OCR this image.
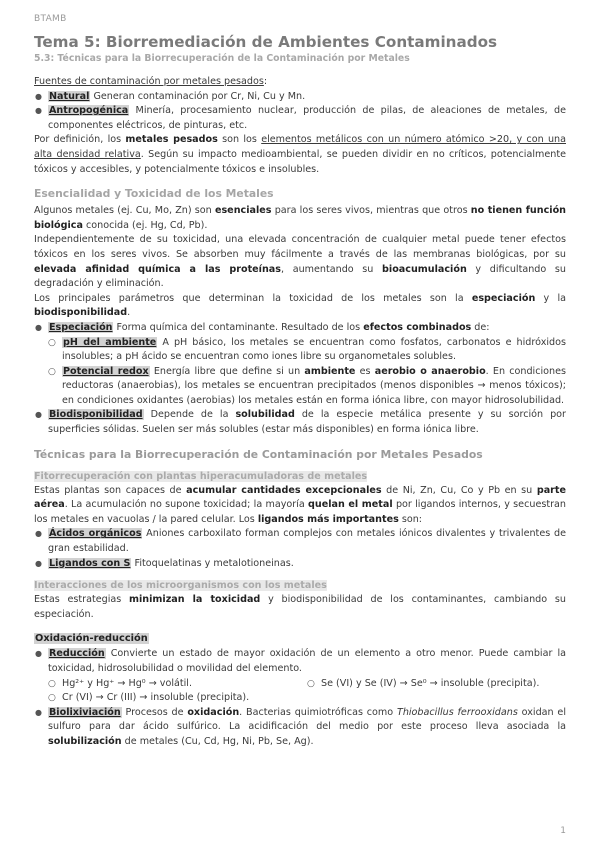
BTAMB
Tema 5: Biorremediación de Ambientes Contaminados
5.3: Técnicas para la Biorrecuperación de la Contaminación por Metales

Fuentes de contaminación por metales pesados:

● Natural Generan contaminación por Cr, Ni, Cu y Mn.
● Antropogénica Minería, procesamiento nuclear, producción de pilas, de aleaciones de metales, de componentes eléctricos, de pinturas, etc.

Por definición, los metales pesados son los elementos metálicos con un número atómico >20, y con una alta densidad relativa. Según su impacto medioambiental, se pueden dividir en no críticos, potencialmente tóxicos y accesibles, y potencialmente tóxicos e insolubles.

Esencialidad y Toxicidad de los Metales

Algunos metales (ej. Cu, Mo, Zn) son esenciales para los seres vivos, mientras que otros no tienen función biológica conocida (ej. Hg, Cd, Pb).

Independientemente de su toxicidad, una elevada concentración de cualquier metal puede tener efectos tóxicos en los seres vivos. Se absorben muy fácilmente a través de las membranas biológicas, por su elevada afinidad química a las proteínas, aumentando su bioacumulación y dificultando su degradación y eliminación.

Los principales parámetros que determinan la toxicidad de los metales son la especiación y la biodisponibilidad.

● Especiación Forma química del contaminante. Resultado de los efectos combinados de:
○ pH del ambiente A pH básico, los metales se encuentran como fosfatos, carbonatos e hidróxidos insolubles; a pH ácido se encuentran como iones libre su organometales solubles.
○ Potencial redox Energía libre que define si un ambiente es aerobio o anaerobio. En condiciones reductoras (anaerobias), los metales se encuentran precipitados (menos disponibles → menos tóxicos); en condiciones oxidantes (aerobias) los metales están en forma iónica libre, con mayor hidrosolubilidad.
● Biodisponibilidad Depende de la solubilidad de la especie metálica presente y su sorción por superficies sólidas. Suelen ser más solubles (estar más disponibles) en forma iónica libre.
Técnicas para la Biorrecuperación de Contaminación por Metales Pesados
Fitorrecuperación con plantas hiperacumuladoras de metales

Estas plantas son capaces de acumular cantidades excepcionales de Ni, Zn, Cu, Co y Pb en su parte aérea. La acumulación no supone toxicidad; la mayoría quelan el metal por ligandos internos, y secuestran los metales en vacuolas / la pared celular. Los ligandos más importantes son:

● Ácidos orgánicos Aniones carboxilato forman complejos con metales iónicos divalentes y trivalentes de gran estabilidad.
● Ligandos con S Fitoquelatinas y metalotioneinas.
Interacciones de los microorganismos con los metales

Estas estrategias minimizan la toxicidad y biodisponibilidad de los contaminantes, cambiando su especiación.

Oxidación-reducción
● Reducción Convierte un estado de mayor oxidación de un elemento a otro menor. Puede cambiar la toxicidad, hidrosolubilidad o movilidad del elemento.
○ Hg²⁺ y Hg⁺ → Hg⁰ → volátil.
○ Cr (VI) → Cr (III) → insoluble (precipita).
○ Se (VI) y Se (IV) → Se⁰ → insoluble (precipita).
● Biolixiviación Procesos de oxidación. Bacterias quimiotróficas como Thiobacillus ferrooxidans oxidan el sulfuro para dar ácido sulfúrico. La acidificación del medio por este proceso lleva asociada la solubilización de metales (Cu, Cd, Hg, Ni, Pb, Se, Ag).
1
